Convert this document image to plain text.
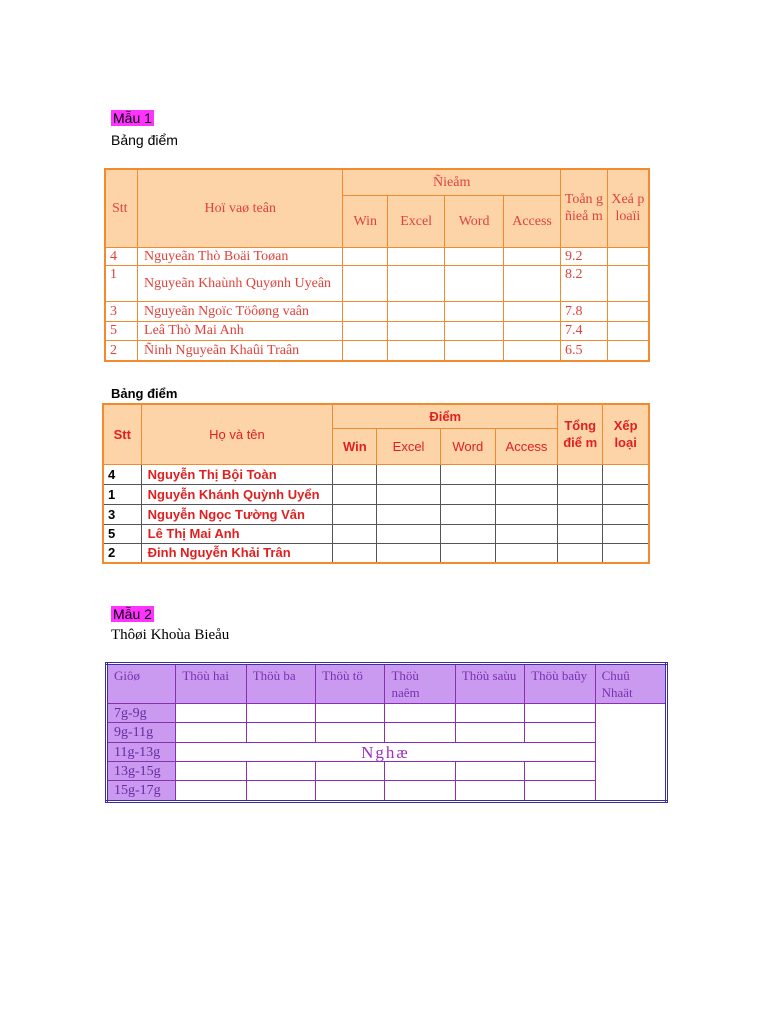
Mẫu 1
Bảng điểm
Stt	Hoï vaø teân	Ñieåm				Toån g ñieå m	Xeá p loaïi
		Win	Excel	Word	Access		
4	Nguyeãn Thò Boäi Toøan					9.2	
1	Nguyeãn Khaùnh Quyønh Uyeân					8.2	
3	Nguyeãn Ngoïc Töôøng vaân					7.8	
5	Leâ Thò Mai Anh					7.4	
2	Ñinh Nguyeãn Khaûi Traân					6.5	
Bảng điểm
Stt	Họ và tên	Điểm				Tổng điể m	Xếp loại
		Win	Excel	Word	Access		
4	Nguyễn Thị Bội Toàn						
1	Nguyễn Khánh Quỳnh Uyển						
3	Nguyễn Ngọc Tường Vân						
5	Lê Thị Mai Anh						
2	Đinh Nguyễn Khải Trân						
Mẫu 2
Thôøi Khoùa Bieåu
Giôø	Thöù hai	Thöù ba	Thöù tö	Thöù naêm	Thöù saùu	Thöù baûy	Chuû Nhaät
7g-9g							
9g-11g							
11g-13g	Nghæ						
13g-15g							
15g-17g							
